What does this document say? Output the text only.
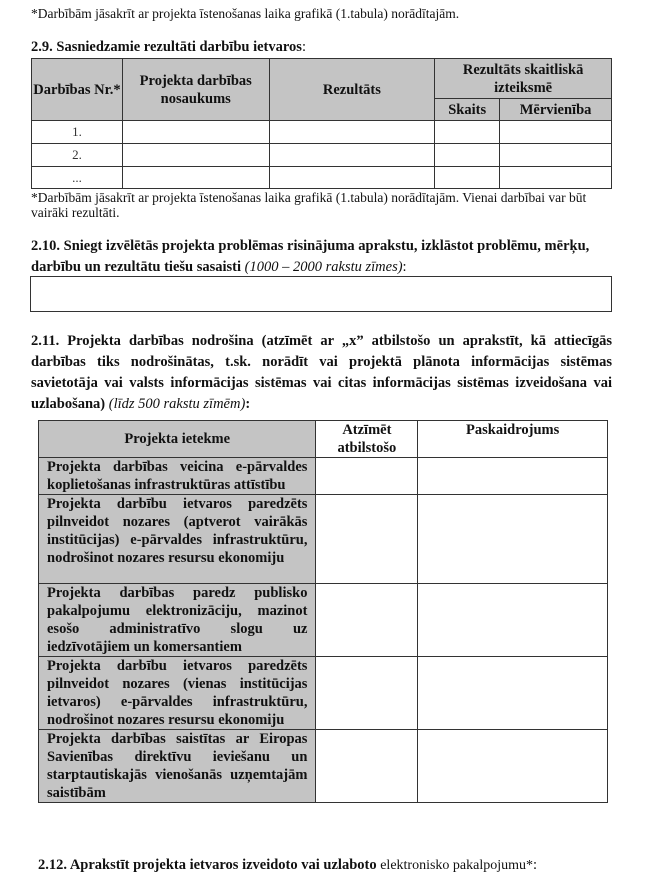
*Darbībām jāsakrīt ar projekta īstenošanas laika grafikā (1.tabula) norādītajām.
2.9. Sasniedzamie rezultāti darbību ietvaros:
Darbības Nr.*	Projekta darbības nosaukums	Rezultāts	Rezultāts skaitliskā izteiksmē	
			Skaits	Mērvienība
1.				
2.				
...				
*Darbībām jāsakrīt ar projekta īstenošanas laika grafikā (1.tabula) norādītajām. Vienai darbībai var būt vairāki rezultāti.
2.10. Sniegt izvēlētās projekta problēmas risinājuma aprakstu, izklāstot problēmu, mērķu, darbību un rezultātu tiešu sasaisti (1000 – 2000 rakstu zīmes):
2.11. Projekta darbības nodrošina (atzīmēt ar „x” atbilstošo un aprakstīt, kā attiecīgās darbības tiks nodrošinātas, t.sk. norādīt vai projektā plānota informācijas sistēmas savietotāja vai valsts informācijas sistēmas vai citas informācijas sistēmas izveidošana vai uzlabošana) (līdz 500 rakstu zīmēm):
Projekta ietekme	Atzīmēt atbilstošo	Paskaidrojums
Projekta darbības veicina e-pārvaldes koplietošanas infrastruktūras attīstību		
Projekta darbību ietvaros paredzēts pilnveidot nozares (aptverot vairākās institūcijas) e-pārvaldes infrastruktūru, nodrošinot nozares resursu ekonomiju		
Projekta darbības paredz publisko pakalpojumu elektronizāciju, mazinot esošo administratīvo slogu uz iedzīvotājiem un komersantiem		
Projekta darbību ietvaros paredzēts pilnveidot nozares (vienas institūcijas ietvaros) e-pārvaldes infrastruktūru, nodrošinot nozares resursu ekonomiju		
Projekta darbības saistītas ar Eiropas Savienības direktīvu ieviešanu un starptautiskajās vienošanās uzņemtajām saistībām		
2.12. Aprakstīt projekta ietvaros izveidoto vai uzlaboto elektronisko pakalpojumu*:
